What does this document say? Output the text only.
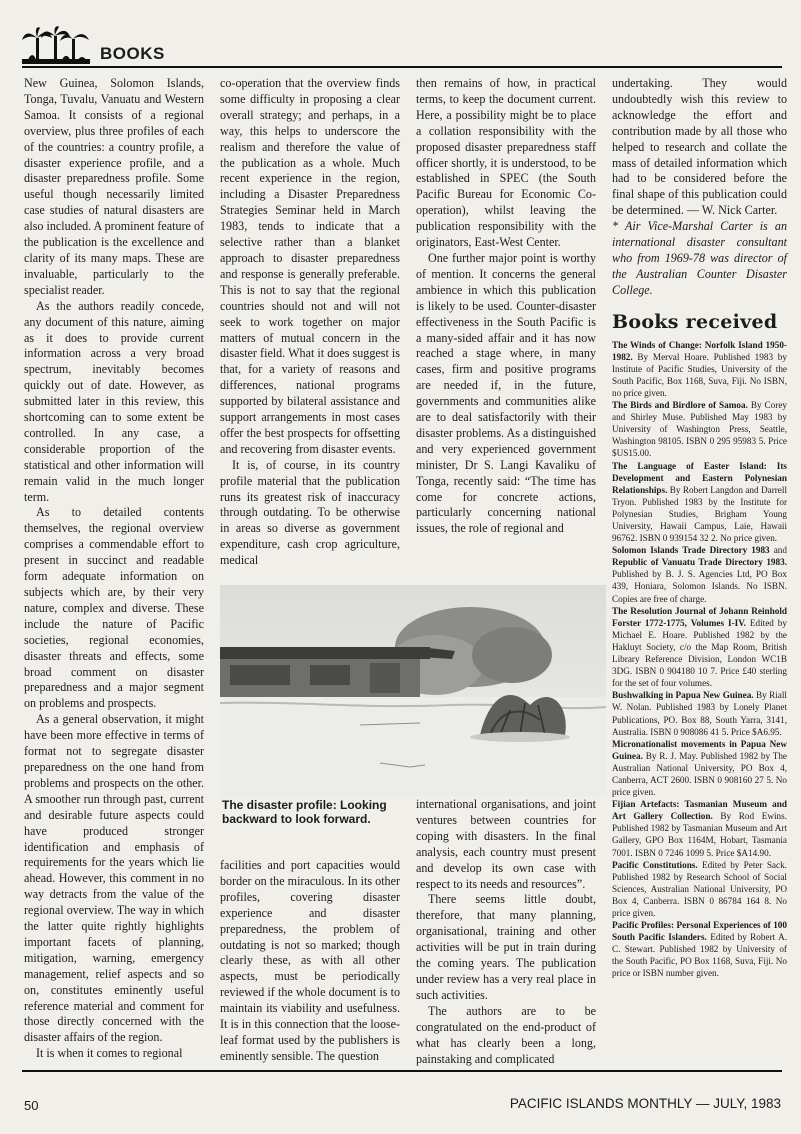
BOOKS

New Guinea, Solomon Islands, Tonga, Tuvalu, Vanuatu and Western Samoa. It consists of a regional overview, plus three profiles of each of the countries: a country profile, a disaster experience profile, and a disaster preparedness profile. Some useful though necessarily limited case studies of natural disasters are also included. A prominent feature of the publication is the excellence and clarity of its many maps. These are invaluable, particularly to the specialist reader.

As the authors readily concede, any document of this nature, aiming as it does to provide current information across a very broad spectrum, inevitably becomes quickly out of date. However, as submitted later in this review, this shortcoming can to some extent be controlled. In any case, a considerable proportion of the statistical and other information will remain valid in the much longer term.

As to detailed contents themselves, the regional overview comprises a commendable effort to present in succinct and readable form adequate information on subjects which are, by their very nature, complex and diverse. These include the nature of Pacific societies, regional economies, disaster threats and effects, some broad comment on disaster preparedness and a major segment on problems and prospects.

As a general observation, it might have been more effective in terms of format not to segregate disaster preparedness on the one hand from problems and prospects on the other. A smoother run through past, current and desirable future aspects could have produced stronger identification and emphasis of requirements for the years which lie ahead. However, this comment in no way detracts from the value of the regional overview. The way in which the latter quite rightly highlights important facets of planning, mitigation, warning, emergency management, relief aspects and so on, constitutes eminently useful reference material and comment for those directly concerned with the disaster affairs of the region.

It is when it comes to regional

co-operation that the overview finds some difficulty in proposing a clear overall strategy; and perhaps, in a way, this helps to underscore the realism and therefore the value of the publication as a whole. Much recent experience in the region, including a Disaster Preparedness Strategies Seminar held in March 1983, tends to indicate that a selective rather than a blanket approach to disaster preparedness and response is generally preferable. This is not to say that the regional countries should not and will not seek to work together on major matters of mutual concern in the disaster field. What it does suggest is that, for a variety of reasons and differences, national programs supported by bilateral assistance and support arrangements in most cases offer the best prospects for offsetting and recovering from disaster events.

It is, of course, in its country profile material that the publication runs its greatest risk of inaccuracy through outdating. To be otherwise in areas so diverse as government expenditure, cash crop agriculture, medical

then remains of how, in practical terms, to keep the document current. Here, a possibility might be to place a collation responsibility with the proposed disaster preparedness staff officer shortly, it is understood, to be established in SPEC (the South Pacific Bureau for Economic Co-operation), whilst leaving the publication responsibility with the originators, East-West Center.

One further major point is worthy of mention. It concerns the general ambience in which this publication is likely to be used. Counter-disaster effectiveness in the South Pacific is a many-sided affair and it has now reached a stage where, in many cases, firm and positive programs are needed if, in the future, governments and communities alike are to deal satisfactorily with their disaster problems. As a distinguished and very experienced government minister, Dr S. Langi Kavaliku of Tonga, recently said: “The time has come for concrete actions, particularly concerning national issues, the role of regional and

The disaster profile: Looking backward to look forward.

facilities and port capacities would border on the miraculous. In its other profiles, covering disaster experience and disaster preparedness, the problem of outdating is not so marked; though clearly these, as with all other aspects, must be periodically reviewed if the whole document is to maintain its viability and usefulness. It is in this connection that the loose-leaf format used by the publishers is eminently sensible. The question

international organisations, and joint ventures between countries for coping with disasters. In the final analysis, each country must present and develop its own case with respect to its needs and resources”.

There seems little doubt, therefore, that many planning, organisational, training and other activities will be put in train during the coming years. The publication under review has a very real place in such activities.

The authors are to be congratulated on the end-product of what has clearly been a long, painstaking and complicated

undertaking. They would undoubtedly wish this review to acknowledge the effort and contribution made by all those who helped to research and collate the mass of detailed information which had to be considered before the final shape of this publication could be determined. — W. Nick Carter.

* Air Vice-Marshal Carter is an international disaster consultant who from 1969-78 was director of the Australian Counter Disaster College.

Books received

The Winds of Change: Norfolk Island 1950-1982. By Merval Hoare. Published 1983 by Institute of Pacific Studies, University of the South Pacific, Box 1168, Suva, Fiji. No ISBN, no price given.

The Birds and Birdlore of Samoa. By Corey and Shirley Muse. Published May 1983 by University of Washington Press, Seattle, Washington 98105. ISBN 0 295 95983 5. Price $US15.00.

The Language of Easter Island: Its Development and Eastern Polynesian Relationships. By Robert Langdon and Darrell Tryon. Published 1983 by the Institute for Polynesian Studies, Brigham Young University, Hawaii Campus, Laie, Hawaii 96762. ISBN 0 939154 32 2. No price given.

Solomon Islands Trade Directory 1983 and Republic of Vanuatu Trade Directory 1983. Published by B. J. S. Agencies Ltd, PO Box 439, Honiara, Solomon Islands. No ISBN. Copies are free of charge.

The Resolution Journal of Johann Reinhold Forster 1772-1775, Volumes I-IV. Edited by Michael E. Hoare. Published 1982 by the Hakluyt Society, c/o the Map Room, British Library Reference Division, London WC1B 3DG. ISBN 0 904180 10 7. Price £40 sterling for the set of four volumes.

Bushwalking in Papua New Guinea. By Riall W. Nolan. Published 1983 by Lonely Planet Publications, PO. Box 88, South Yarra, 3141, Australia. ISBN 0 908086 41 5. Price $A6.95.

Micronationalist movements in Papua New Guinea. By R. J. May. Published 1982 by The Australian National University, PO Box 4, Canberra, ACT 2600. ISBN 0 908160 27 5. No price given.

Fijian Artefacts: Tasmanian Museum and Art Gallery Collection. By Rod Ewins. Published 1982 by Tasmanian Museum and Art Gallery, GPO Box 1164M, Hobart, Tasmania 7001. ISBN 0 7246 1099 5. Price $A14.90.

Pacific Constitutions. Edited by Peter Sack. Published 1982 by Research School of Social Sciences, Australian National University, PO Box 4, Canberra. ISBN 0 86784 164 8. No price given.

Pacific Profiles: Personal Experiences of 100 South Pacific Islanders. Edited by Robert A. C. Stewart. Published 1982 by University of the South Pacific, PO Box 1168, Suva, Fiji. No price or ISBN number given.

50	PACIFIC ISLANDS MONTHLY — JULY, 1983
